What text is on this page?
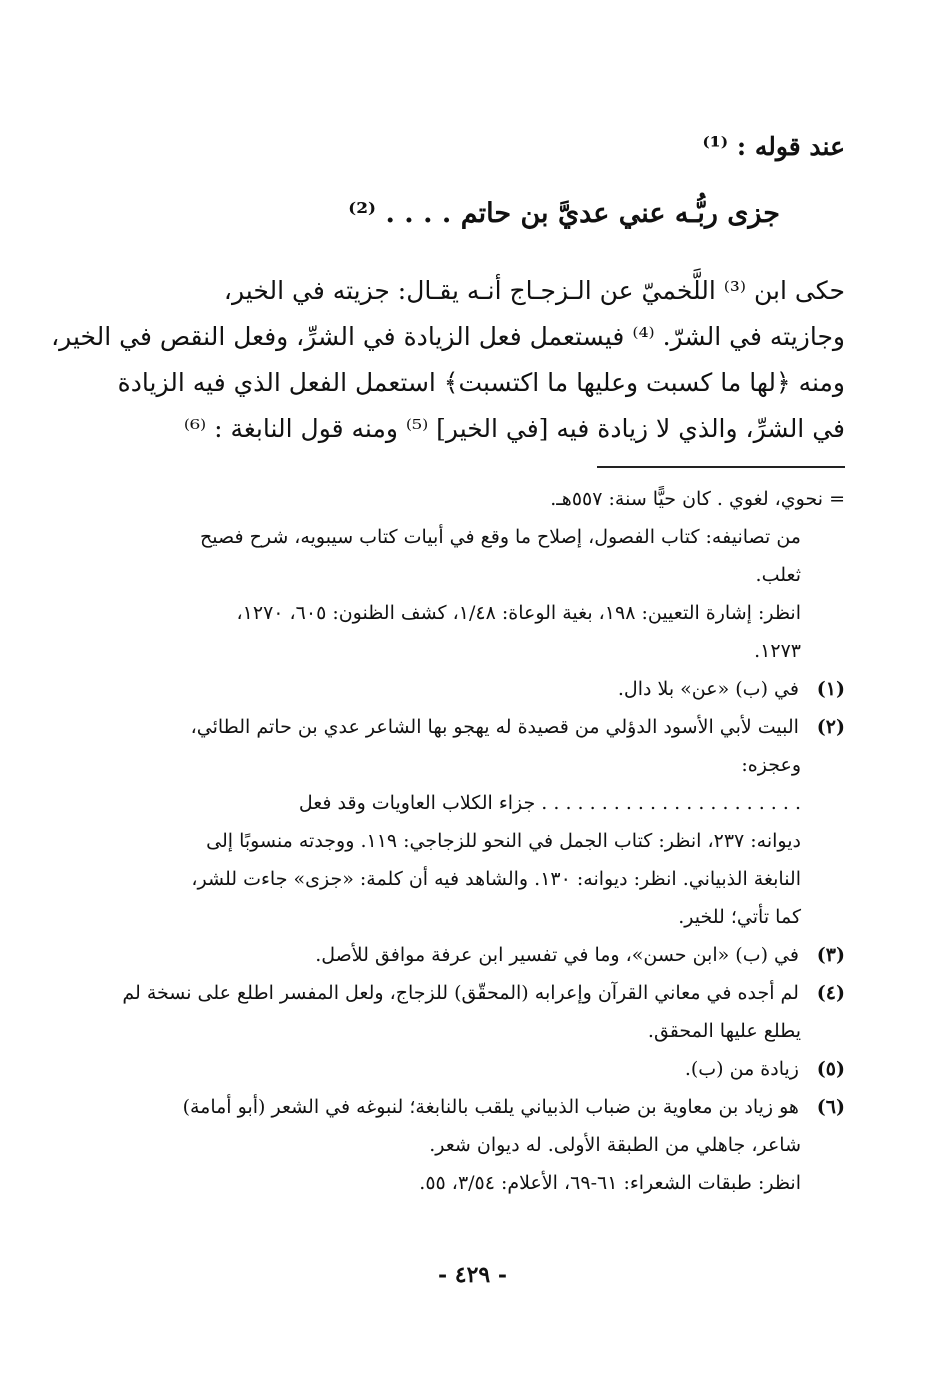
عند قوله : ⁽¹⁾
جزى ربُّـه عني عديَّ بن حاتم . . . . ⁽²⁾
حكى ابن ⁽³⁾ اللَّخميّ عن الـزجـاج أنـه يقـال: جزيته في الخير،
وجازيته في الشرّ. ⁽⁴⁾ فيستعمل فعل الزيادة في الشرِّ، وفعل النقص في الخير،
ومنه ﴿لها ما كسبت وعليها ما اكتسبت﴾ استعمل الفعل الذي فيه الزيادة
في الشرِّ، والذي لا زيادة فيه [في الخير] ⁽⁵⁾ ومنه قول النابغة : ⁽⁶⁾
= نحوي، لغوي . كان حيًّا سنة: ٥٥٧هـ.
من تصانيفه: كتاب الفصول، إصلاح ما وقع في أبيات كتاب سيبويه، شرح فصيح
ثعلب.
انظر: إشارة التعيين: ١٩٨، بغية الوعاة: ١/٤٨، كشف الظنون: ٦٠٥، ١٢٧٠،
١٢٧٣.
(١) في (ب) «عن» بلا دال.
(٢) البيت لأبي الأسود الدؤلي من قصيدة له يهجو بها الشاعر عدي بن حاتم الطائي،
وعجزه:
. . . . . . . . . . . . . . . . . . . . . . جزاء الكلاب العاويات وقد فعل
ديوانه: ٢٣٧، انظر: كتاب الجمل في النحو للزجاجي: ١١٩. ووجدته منسوبًا إلى
النابغة الذبياني. انظر: ديوانه: ١٣٠. والشاهد فيه أن كلمة: «جزى» جاءت للشر،
كما تأتي؛ للخير.
(٣) في (ب) «ابن حسن»، وما في تفسير ابن عرفة موافق للأصل.
(٤) لم أجده في معاني القرآن وإعرابه (المحقّق) للزجاج، ولعل المفسر اطلع على نسخة لم
يطلع عليها المحقق.
(٥) زيادة من (ب).
(٦) هو زياد بن معاوية بن ضباب الذبياني يلقب بالنابغة؛ لنبوغه في الشعر (أبو أمامة)
شاعر، جاهلي من الطبقة الأولى. له ديوان شعر.
انظر: طبقات الشعراء: ٦١-٦٩، الأعلام: ٣/٥٤، ٥٥.
- ٤٢٩ -
